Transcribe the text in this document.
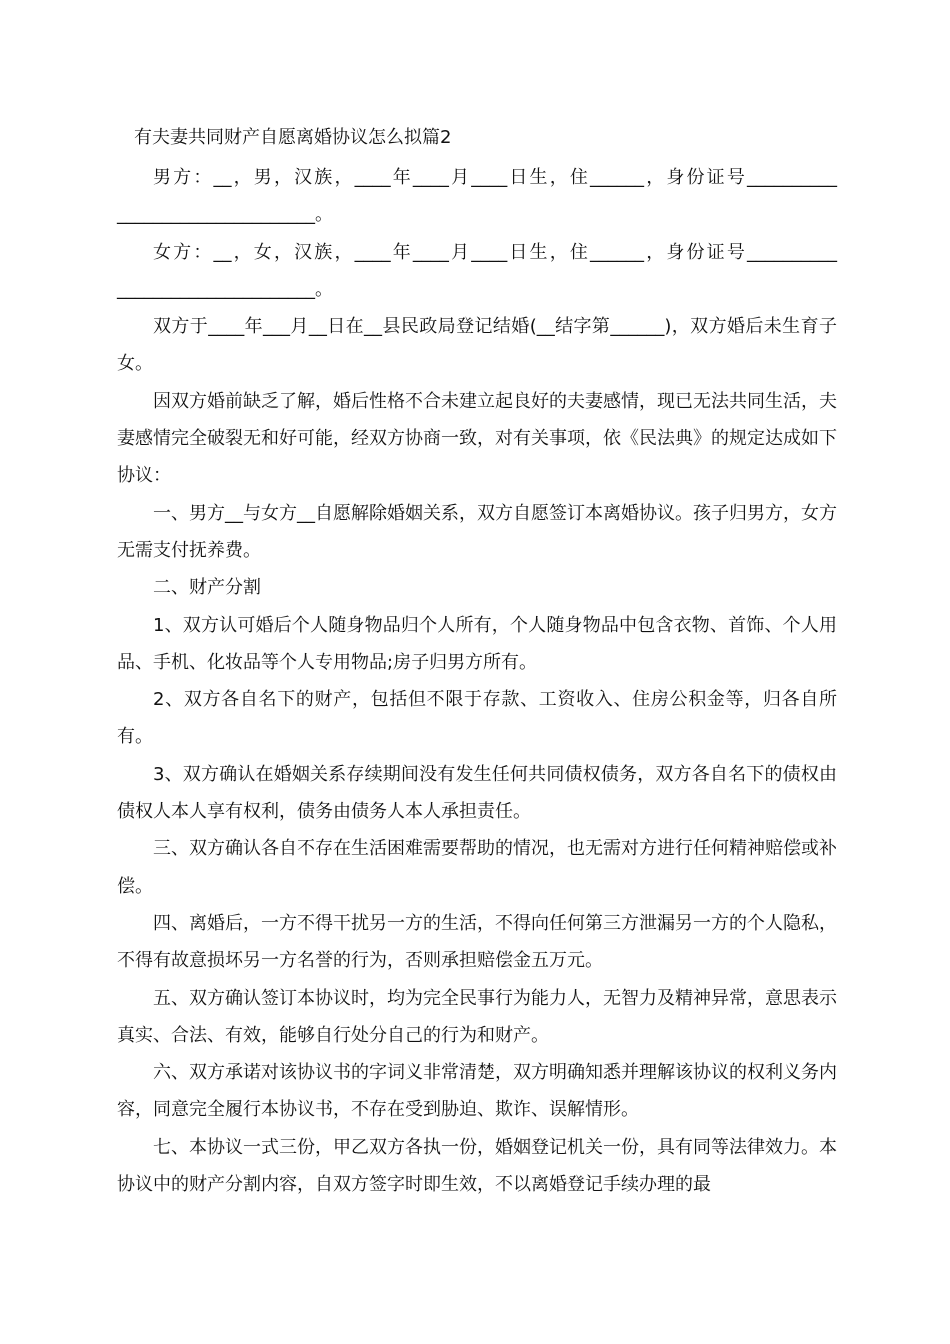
有夫妻共同财产自愿离婚协议怎么拟篇2

男方：__，男，汉族，____年____月____日生，住______，身份证号__________ ______________________。

女方：__，女，汉族，____年____月____日生，住______，身份证号__________ ______________________。

双方于____年___月__日在__县民政局登记结婚(__结字第______)，双方婚后未生育子女。

因双方婚前缺乏了解，婚后性格不合未建立起良好的夫妻感情，现已无法共同生活，夫妻感情完全破裂无和好可能，经双方协商一致，对有关事项，依《民法典》的规定达成如下协议：

一、男方__与女方__自愿解除婚姻关系，双方自愿签订本离婚协议。孩子归男方，女方无需支付抚养费。

二、财产分割

1、双方认可婚后个人随身物品归个人所有，个人随身物品中包含衣物、首饰、个人用品、手机、化妆品等个人专用物品;房子归男方所有。

2、双方各自名下的财产，包括但不限于存款、工资收入、住房公积金等，归各自所有。

3、双方确认在婚姻关系存续期间没有发生任何共同债权债务，双方各自名下的债权由债权人本人享有权利，债务由债务人本人承担责任。

三、双方确认各自不存在生活困难需要帮助的情况，也无需对方进行任何精神赔偿或补偿。

四、离婚后，一方不得干扰另一方的生活，不得向任何第三方泄漏另一方的个人隐私，不得有故意损坏另一方名誉的行为，否则承担赔偿金五万元。

五、双方确认签订本协议时，均为完全民事行为能力人，无智力及精神异常，意思表示真实、合法、有效，能够自行处分自己的行为和财产。

六、双方承诺对该协议书的字词义非常清楚，双方明确知悉并理解该协议的权利义务内容，同意完全履行本协议书，不存在受到胁迫、欺诈、误解情形。

七、本协议一式三份，甲乙双方各执一份，婚姻登记机关一份，具有同等法律效力。本协议中的财产分割内容，自双方签字时即生效，不以离婚登记手续办理的最
